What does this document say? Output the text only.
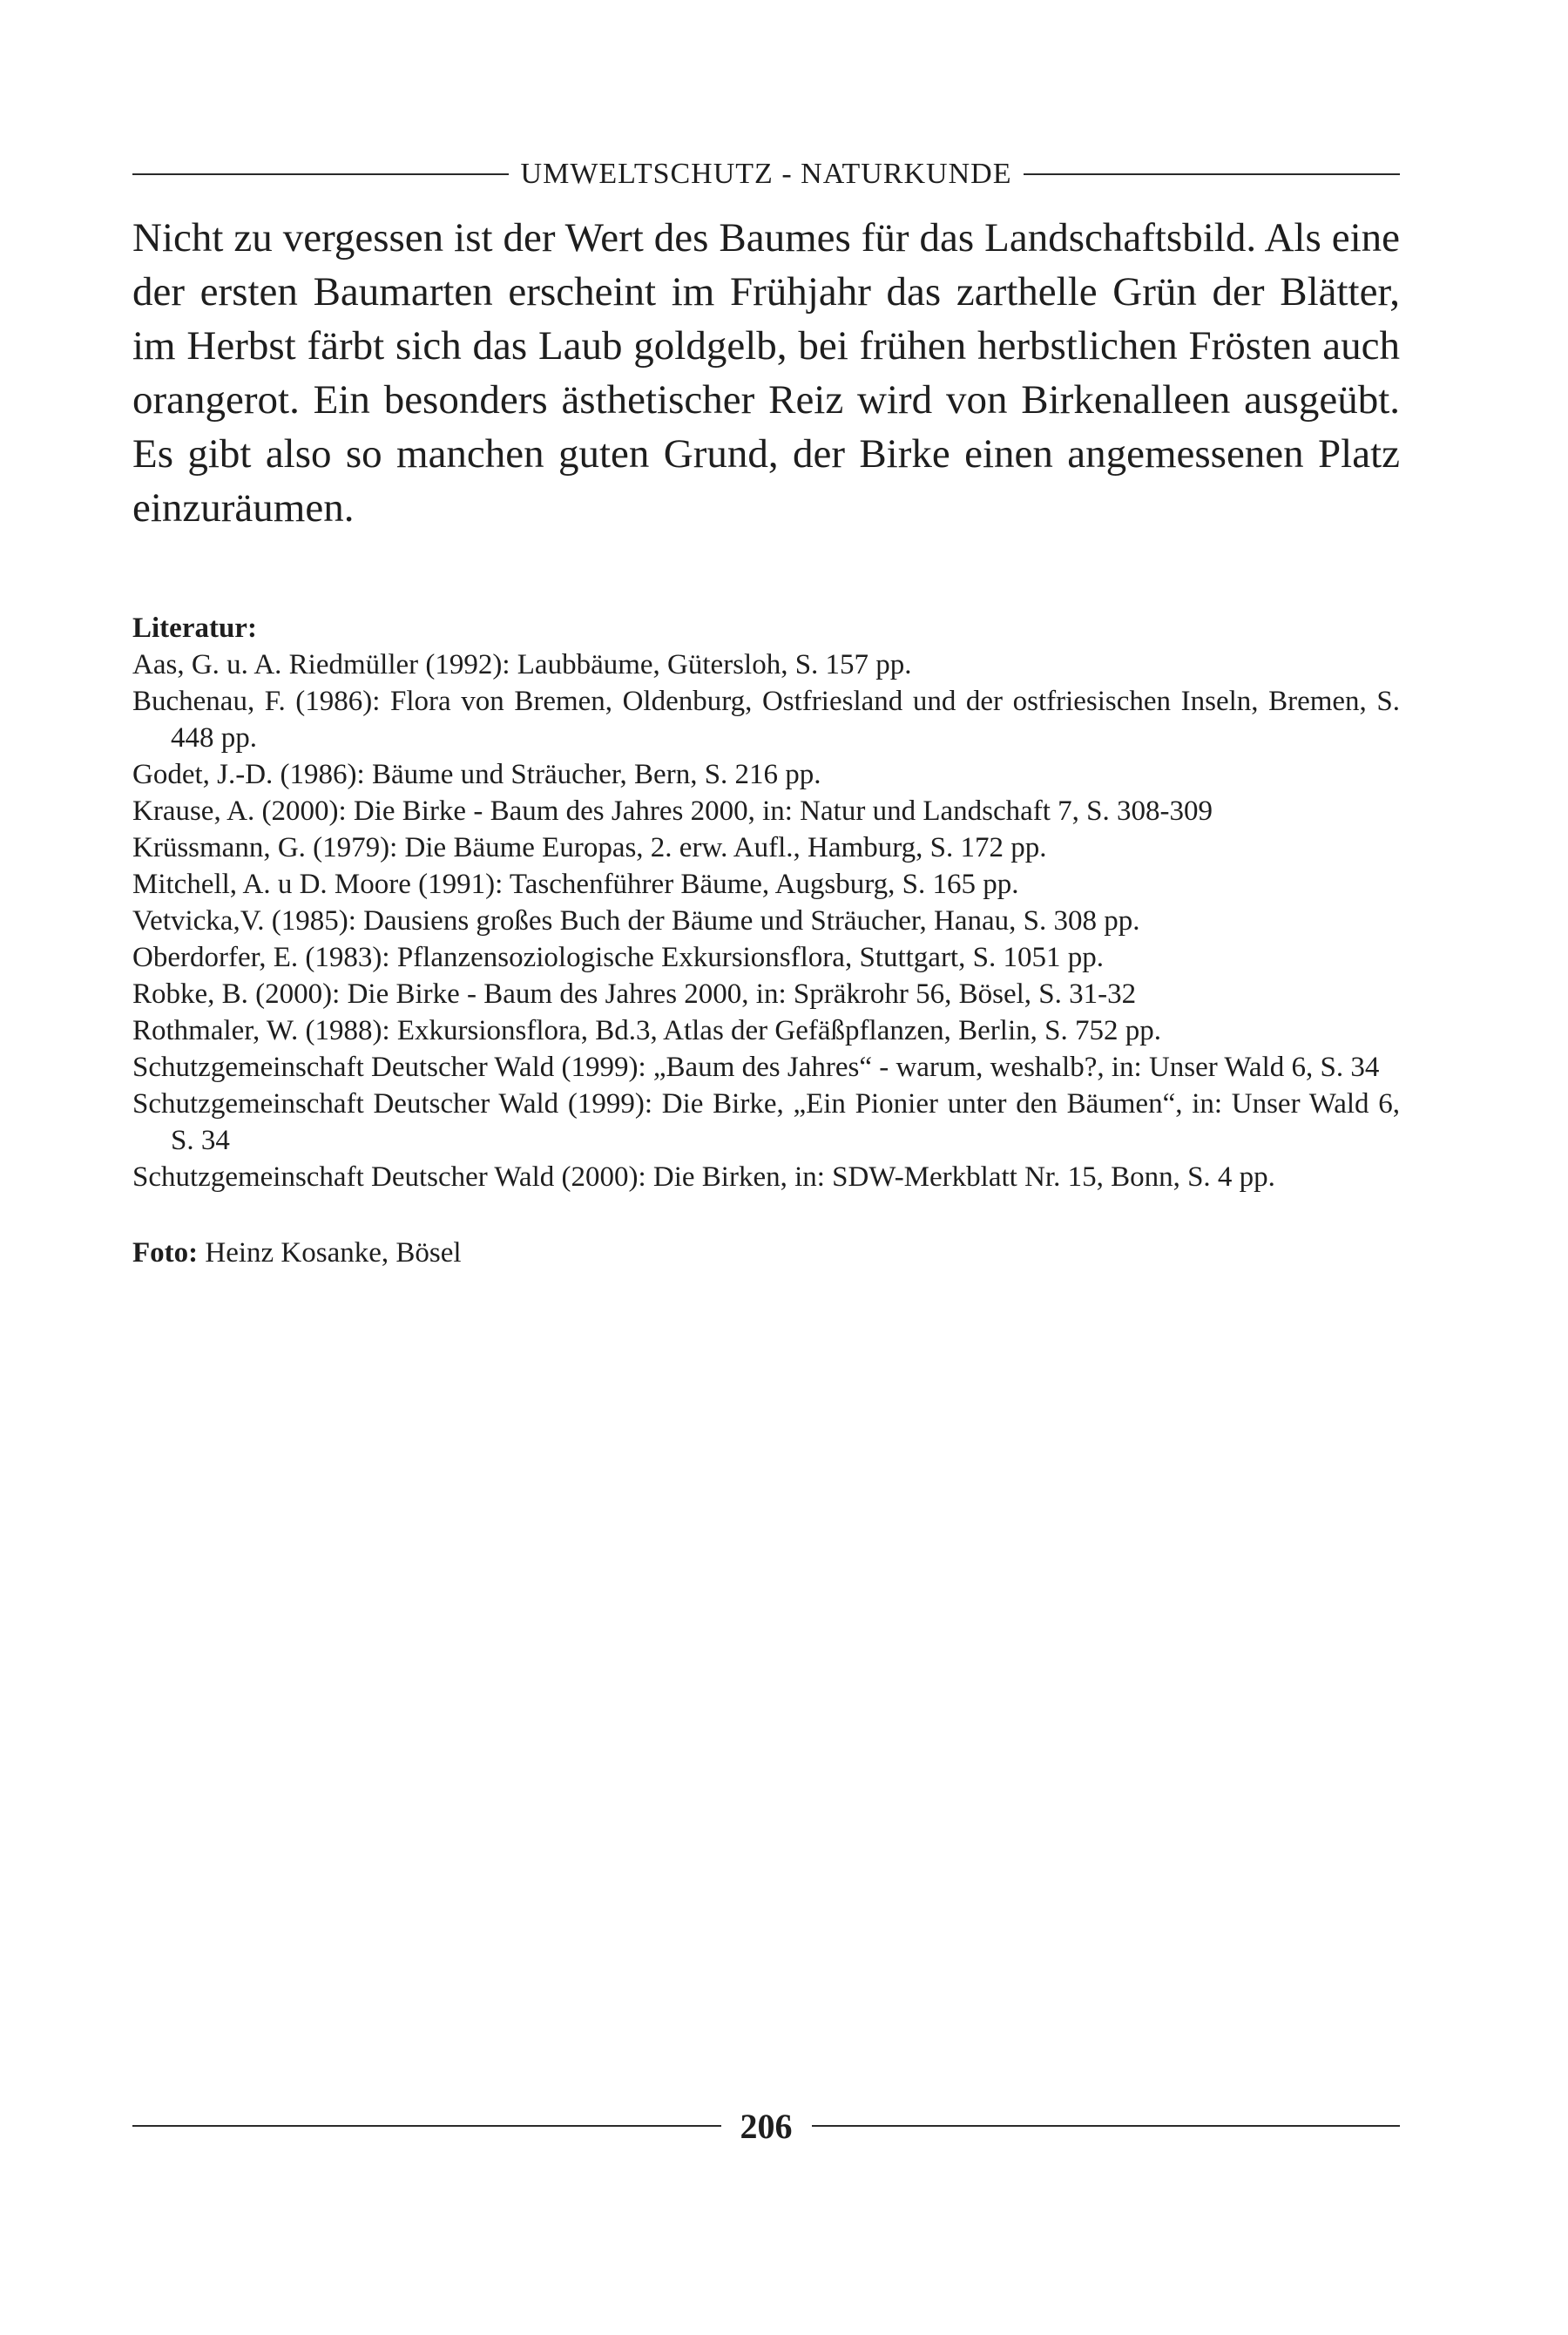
UMWELTSCHUTZ - NATURKUNDE

Nicht zu vergessen ist der Wert des Baumes für das Landschaftsbild. Als eine der ersten Baumarten erscheint im Frühjahr das zarthelle Grün der Blätter, im Herbst färbt sich das Laub goldgelb, bei frühen herbstlichen Frösten auch orangerot. Ein besonders ästhetischer Reiz wird von Birkenalleen ausgeübt. Es gibt also so manchen guten Grund, der Birke einen angemessenen Platz einzuräumen.

Literatur:

Aas, G. u. A. Riedmüller (1992): Laubbäume, Gütersloh, S. 157 pp.
Buchenau, F. (1986): Flora von Bremen, Oldenburg, Ostfriesland und der ostfriesischen Inseln, Bremen, S. 448 pp.
Godet, J.-D. (1986): Bäume und Sträucher, Bern, S. 216 pp.
Krause, A. (2000): Die Birke - Baum des Jahres 2000, in: Natur und Landschaft 7, S. 308-309
Krüssmann, G. (1979): Die Bäume Europas, 2. erw. Aufl., Hamburg, S. 172 pp.
Mitchell, A. u D. Moore (1991): Taschenführer Bäume, Augsburg, S. 165 pp.
Vetvicka,V. (1985): Dausiens großes Buch der Bäume und Sträucher, Hanau, S. 308 pp.
Oberdorfer, E. (1983): Pflanzensoziologische Exkursionsflora, Stuttgart, S. 1051 pp.
Robke, B. (2000): Die Birke - Baum des Jahres 2000, in: Spräkrohr 56, Bösel, S. 31-32
Rothmaler, W. (1988): Exkursionsflora, Bd.3, Atlas der Gefäßpflanzen, Berlin, S. 752 pp.
Schutzgemeinschaft Deutscher Wald (1999): „Baum des Jahres“ - warum, weshalb?, in: Unser Wald 6, S. 34
Schutzgemeinschaft Deutscher Wald (1999): Die Birke, „Ein Pionier unter den Bäumen“, in: Unser Wald 6, S. 34
Schutzgemeinschaft Deutscher Wald (2000): Die Birken, in: SDW-Merkblatt Nr. 15, Bonn, S. 4 pp.

Foto: Heinz Kosanke, Bösel

206
